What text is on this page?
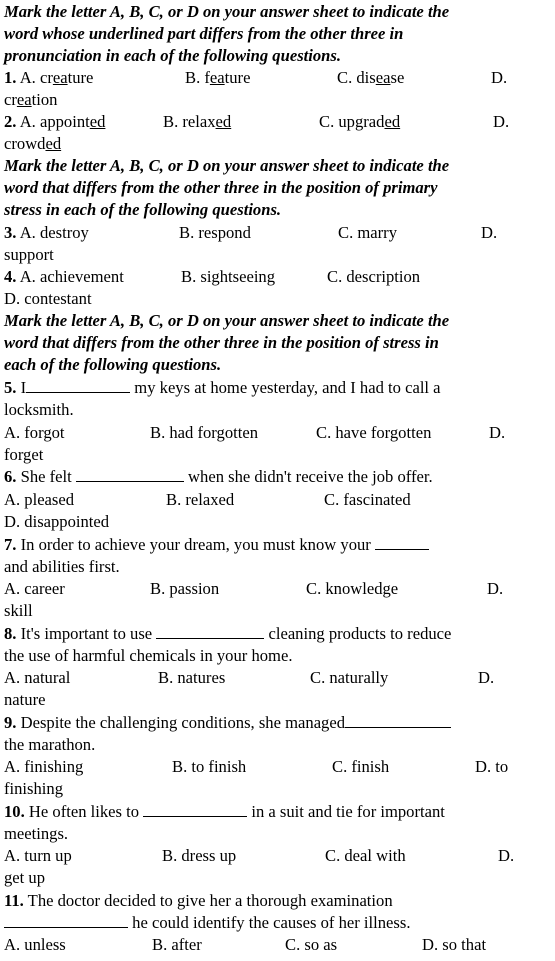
Mark the letter A, B, C, or D on your answer sheet to indicate the
word whose underlined part differs from the other three in
pronunciation in each of the following questions.
1. A. creature	B. feature	C. disease	D.
creation
2. A. appointed	B. relaxed	C. upgraded	D.
crowded
Mark the letter A, B, C, or D on your answer sheet to indicate the
word that differs from the other three in the position of primary
stress in each of the following questions.
3. A. destroy	B. respond	C. marry	D.
support
4. A. achievement	B. sightseeing	C. description
D. contestant
Mark the letter A, B, C, or D on your answer sheet to indicate the
word that differs from the other three in the position of stress in
each of the following questions.
5. I	my keys at home yesterday, and I had to call a
locksmith.
A. forgot	B. had forgotten	C. have forgotten	D.
forget
6. She felt	when she didn't receive the job offer.
A. pleased	B. relaxed	C. fascinated
D. disappointed
7. In order to achieve your dream, you must know your
and abilities first.
A. career	B. passion	C. knowledge	D.
skill
8. It's important to use	cleaning products to reduce
the use of harmful chemicals in your home.
A. natural	B. natures	C. naturally	D.
nature
9. Despite the challenging conditions, she managed
the marathon.
A. finishing	B. to finish	C. finish	D. to
finishing
10. He often likes to	in a suit and tie for important
meetings.
A. turn up	B. dress up	C. deal with	D.
get up
11. The doctor decided to give her a thorough examination
he could identify the causes of her illness.
A. unless	B. after	C. so as	D. so that
